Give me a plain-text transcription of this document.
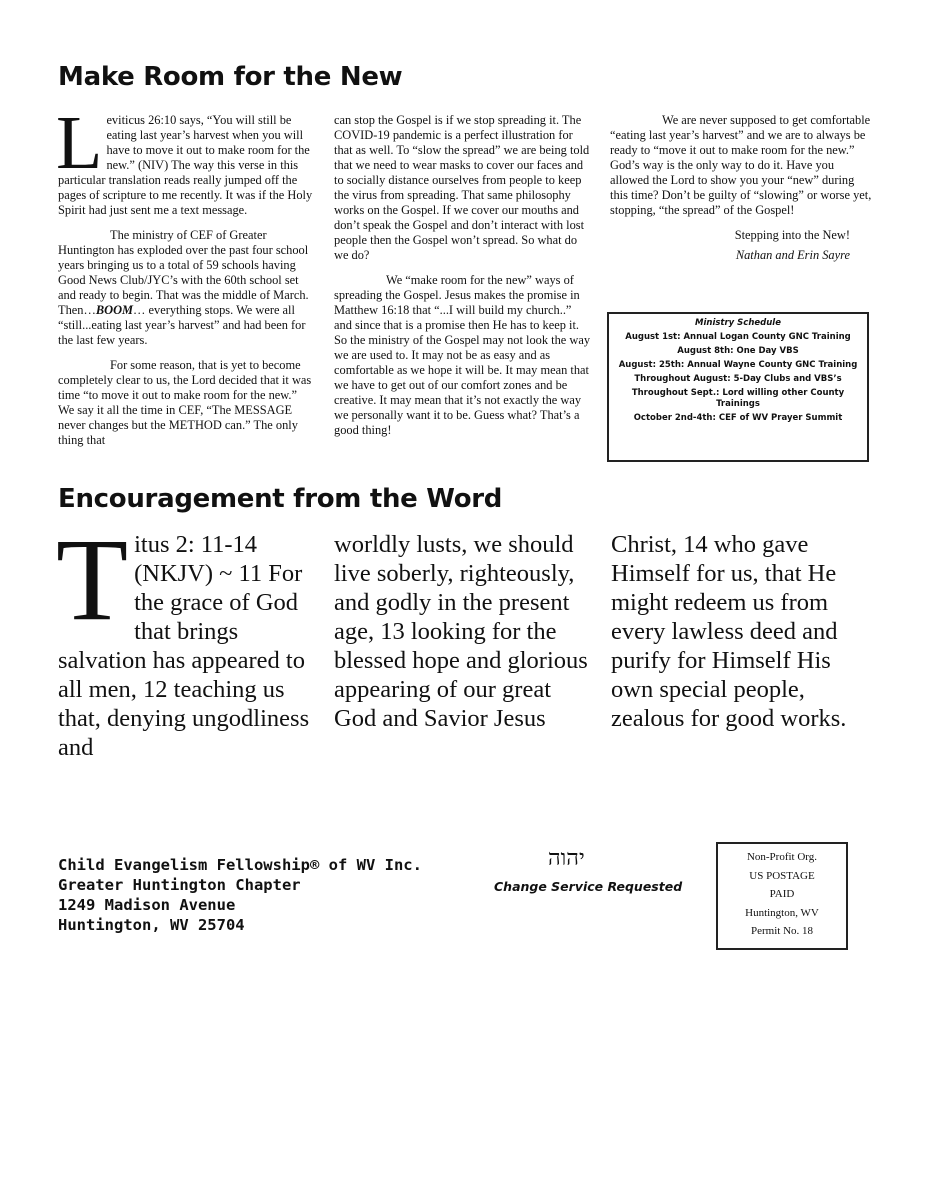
Make Room for the New

Leviticus 26:10 says, “You will still be eating last year’s harvest when you will have to move it out to make room for the new.” (NIV) The way this verse in this particular translation reads really jumped off the pages of scripture to me recently. It was if the Holy Spirit had just sent me a text message.

The ministry of CEF of Greater Huntington has exploded over the past four school years bringing us to a total of 59 schools having Good News Club/JYC’s with the 60th school set and ready to begin. That was the middle of March. Then…BOOM… everything stops. We were all “still...eating last year’s harvest” and had been for the last few years.

For some reason, that is yet to become completely clear to us, the Lord decided that it was time “to move it out to make room for the new.” We say it all the time in CEF, “The MESSAGE never changes but the METHOD can.” The only thing that

can stop the Gospel is if we stop spreading it. The COVID-19 pandemic is a perfect illustration for that as well. To “slow the spread” we are being told that we need to wear masks to cover our faces and to socially distance ourselves from people to keep the virus from spreading. That same philosophy works on the Gospel. If we cover our mouths and don’t speak the Gospel and don’t interact with lost people then the Gospel won’t spread. So what do we do?

We “make room for the new” ways of spreading the Gospel. Jesus makes the promise in Matthew 16:18 that “...I will build my church..” and since that is a promise then He has to keep it. So the ministry of the Gospel may not look the way we are used to. It may not be as easy and as comfortable as we hope it will be. It may mean that we have to get out of our comfort zones and be creative. It may mean that it’s not exactly the way we personally want it to be. Guess what? That’s a good thing!

We are never supposed to get comfortable “eating last year’s harvest” and we are to always be ready to “move it out to make room for the new.” God’s way is the only way to do it. Have you allowed the Lord to show you your “new” during this time? Don’t be guilty of “slowing” or worse yet, stopping, “the spread” of the Gospel!

Stepping into the New!
Nathan and Erin Sayre
Ministry Schedule
August 1st: Annual Logan County GNC Training
August 8th: One Day VBS
August: 25th: Annual Wayne County GNC Training
Throughout August: 5-Day Clubs and VBS’s
Throughout Sept.: Lord willing other County Trainings
October 2nd-4th: CEF of WV Prayer Summit
Encouragement from the Word

Titus 2: 11-14 (NKJV) ~ 11 For the grace of God that brings salvation has appeared to all men, 12 teaching us that, denying ungodliness and

worldly lusts, we should live soberly, righteously, and godly in the present age, 13 looking for the blessed hope and glorious appearing of our great God and Savior Jesus

Christ, 14 who gave Himself for us, that He might redeem us from every lawless deed and purify for Himself His own special people, zealous for good works.

Child Evangelism Fellowship® of WV Inc.
Greater Huntington Chapter
1249 Madison Avenue
Huntington, WV 25704
יהוה
Change Service Requested
Non-Profit Org.
US POSTAGE
PAID
Huntington, WV
Permit No. 18
